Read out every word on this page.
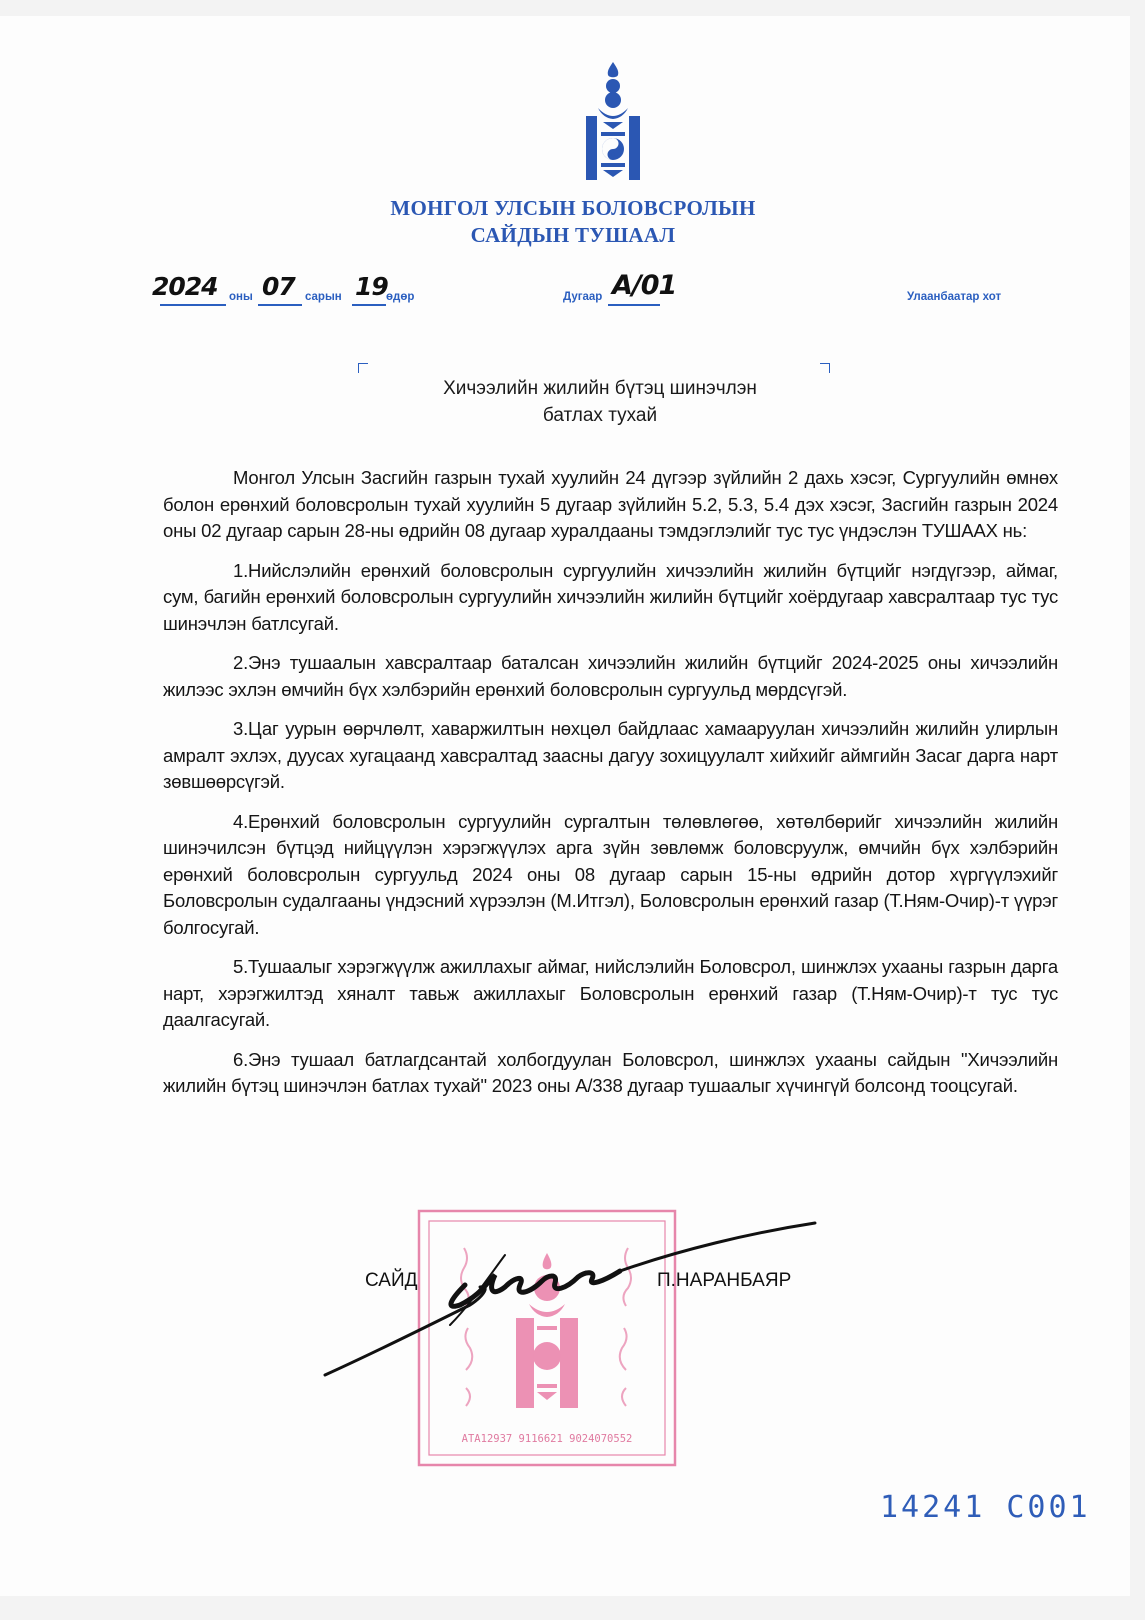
МОНГОЛ УЛСЫН БОЛОВСРОЛЫН
САЙДЫН ТУШААЛ
2024 оны 07 сарын 19
өдөр	Дугаар А/01	Улаанбаатар хот
Хичээлийн жилийн бүтэц шинэчлэн
батлах тухай

Монгол Улсын Засгийн газрын тухай хуулийн 24 дүгээр зүйлийн 2 дахь хэсэг, Сургуулийн өмнөх болон ерөнхий боловсролын тухай хуулийн 5 дугаар зүйлийн 5.2, 5.3, 5.4 дэх хэсэг, Засгийн газрын 2024 оны 02 дугаар сарын 28-ны өдрийн 08 дугаар хуралдааны тэмдэглэлийг тус тус үндэслэн ТУШААХ нь:

1.Нийслэлийн ерөнхий боловсролын сургуулийн хичээлийн жилийн бүтцийг нэгдүгээр, аймаг, сум, багийн ерөнхий боловсролын сургуулийн хичээлийн жилийн бүтцийг хоёрдугаар хавсралтаар тус тус шинэчлэн батлсугай.

2.Энэ тушаалын хавсралтаар баталсан хичээлийн жилийн бүтцийг 2024-2025 оны хичээлийн жилээс эхлэн өмчийн бүх хэлбэрийн ерөнхий боловсролын сургуульд мөрдсүгэй.

3.Цаг уурын өөрчлөлт, хаваржилтын нөхцөл байдлаас хамааруулан хичээлийн жилийн улирлын амралт эхлэх, дуусах хугацаанд хавсралтад заасны дагуу зохицуулалт хийхийг аймгийн Засаг дарга нарт зөвшөөрсүгэй.

4.Ерөнхий боловсролын сургуулийн сургалтын төлөвлөгөө, хөтөлбөрийг хичээлийн жилийн шинэчилсэн бүтцэд нийцүүлэн хэрэгжүүлэх арга зүйн зөвлөмж боловсруулж, өмчийн бүх хэлбэрийн ерөнхий боловсролын сургуульд 2024 оны 08 дугаар сарын 15-ны өдрийн дотор хүргүүлэхийг Боловсролын судалгааны үндэсний хүрээлэн (М.Итгэл), Боловсролын ерөнхий газар (Т.Ням-Очир)-т үүрэг болгосугай.

5.Тушаалыг хэрэгжүүлж ажиллахыг аймаг, нийслэлийн Боловсрол, шинжлэх ухааны газрын дарга нарт, хэрэгжилтэд хяналт тавьж ажиллахыг Боловсролын ерөнхий газар (Т.Ням-Очир)-т тус тус даалгасугай.

6.Энэ тушаал батлагдсантай холбогдуулан Боловсрол, шинжлэх ухааны сайдын "Хичээлийн жилийн бүтэц шинэчлэн батлах тухай" 2023 оны А/338 дугаар тушаалыг хүчингүй болсонд тооцсугай.

АТА12937 9116621 9024070552
САЙД	П.НАРАНБАЯР
14241 C001
